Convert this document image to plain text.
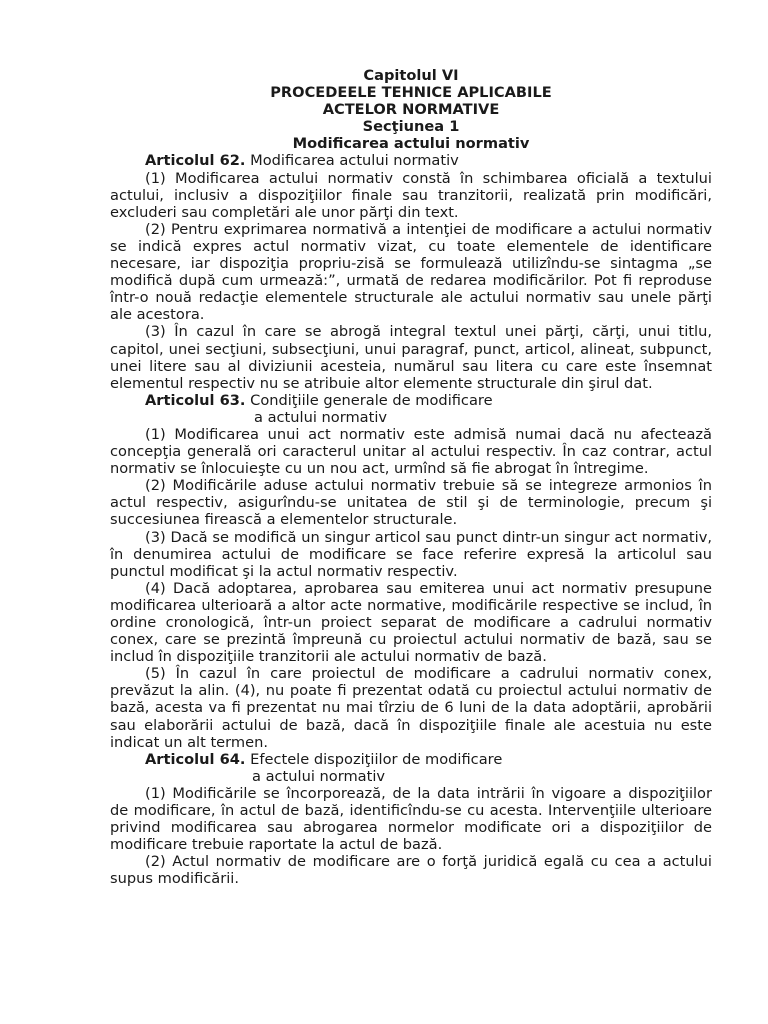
Capitolul VI
PROCEDEELE TEHNICE APLICABILE
ACTELOR NORMATIVE
Secţiunea 1
Modificarea actului normativ
Articolul 62. Modificarea actului normativ

(1) Modificarea actului normativ constă în schimbarea oficială a textului actului, inclusiv a dispoziţiilor finale sau tranzitorii, realizată prin modificări, excluderi sau completări ale unor părţi din text.

(2) Pentru exprimarea normativă a intenţiei de modificare a actului normativ se indică expres actul normativ vizat, cu toate elementele de identificare necesare, iar dispoziţia propriu-zisă se formulează utilizîndu-se sintagma „se modifică după cum urmează:”, urmată de redarea modificărilor. Pot fi reproduse într-o nouă redacţie elementele structurale ale actului normativ sau unele părţi ale acestora.

(3) În cazul în care se abrogă integral textul unei părţi, cărţi, unui titlu, capitol, unei secţiuni, subsecţiuni, unui paragraf, punct, articol, alineat, subpunct, unei litere sau al diviziunii acesteia, numărul sau litera cu care este însemnat elementul respectiv nu se atribuie altor elemente structurale din şirul dat.

Articolul 63. Condiţiile generale de modificare
a actului normativ

(1) Modificarea unui act normativ este admisă numai dacă nu afectează concepţia generală ori caracterul unitar al actului respectiv. În caz contrar, actul normativ se înlocuieşte cu un nou act, urmînd să fie abrogat în întregime.

(2) Modificările aduse actului normativ trebuie să se integreze armonios în actul respectiv, asigurîndu-se unitatea de stil şi de terminologie, precum şi succesiunea firească a elementelor structurale.

(3) Dacă se modifică un singur articol sau punct dintr-un singur act normativ, în denumirea actului de modificare se face referire expresă la articolul sau punctul modificat şi la actul normativ respectiv.

(4) Dacă adoptarea, aprobarea sau emiterea unui act normativ presupune modificarea ulterioară a altor acte normative, modificările respective se includ, în ordine cronologică, într-un proiect separat de modificare a cadrului normativ conex, care se prezintă împreună cu proiectul actului normativ de bază, sau se includ în dispoziţiile tranzitorii ale actului normativ de bază.

(5) În cazul în care proiectul de modificare a cadrului normativ conex, prevăzut la alin. (4), nu poate fi prezentat odată cu proiectul actului normativ de bază, acesta va fi prezentat nu mai tîrziu de 6 luni de la data adoptării, aprobării sau elaborării actului de bază, dacă în dispoziţiile finale ale acestuia nu este indicat un alt termen.

Articolul 64. Efectele dispoziţiilor de modificare
a actului normativ

(1) Modificările se încorporează, de la data intrării în vigoare a dispoziţiilor de modificare, în actul de bază, identificîndu-se cu acesta. Intervenţiile ulterioare privind modificarea sau abrogarea normelor modificate ori a dispoziţiilor de modificare trebuie raportate la actul de bază.

(2) Actul normativ de modificare are o forţă juridică egală cu cea a actului supus modificării.
